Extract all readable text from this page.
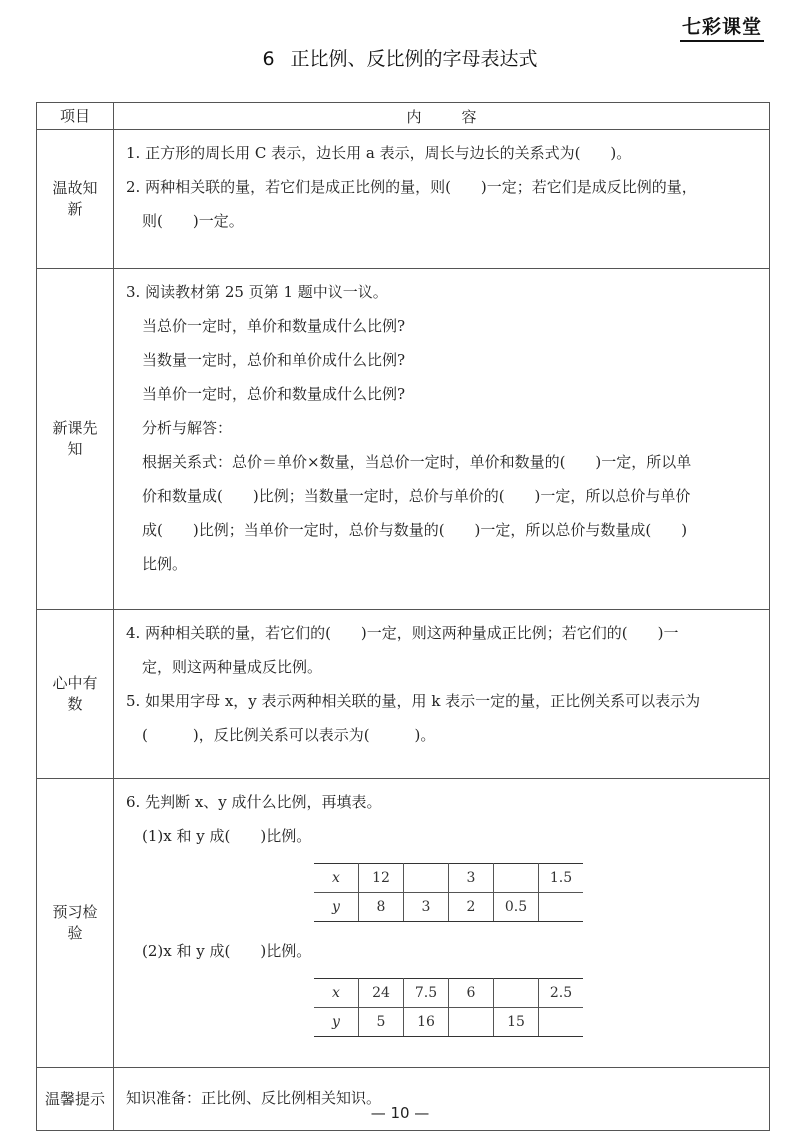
七彩课堂
6 正比例、反比例的字母表达式
项目	内容
温故知新	
1. 正方形的周长用 C 表示，边长用 a 表示，周长与边长的关系式为(　　)。
2. 两种相关联的量，若它们是成正比例的量，则(　　)一定；若它们是成反比例的量，
则(　　)一定。

新课先知	
3. 阅读教材第 25 页第 1 题中议一议。
当总价一定时，单价和数量成什么比例?
当数量一定时，总价和单价成什么比例?
当单价一定时，总价和数量成什么比例?
分析与解答：
根据关系式：总价＝单价×数量，当总价一定时，单价和数量的(　　)一定，所以单
价和数量成(　　)比例；当数量一定时，总价与单价的(　　)一定，所以总价与单价
成(　　)比例；当单价一定时，总价与数量的(　　)一定，所以总价与数量成(　　)
比例。

心中有数	
4. 两种相关联的量，若它们的(　　)一定，则这两种量成正比例；若它们的(　　)一
定，则这两种量成反比例。
5. 如果用字母 x，y 表示两种相关联的量，用 k 表示一定的量，正比例关系可以表示为
(　　　)，反比例关系可以表示为(　　　)。

预习检验	
6. 先判断 x、y 成什么比例，再填表。
(1)x 和 y 成(　　)比例。
x	12		3		1.5
y	8	3	2	0.5	
(2)x 和 y 成(　　)比例。
x	24	7.5	6		2.5
y	5	16		15	

温馨提示	知识准备：正比例、反比例相关知识。
— 10 —
